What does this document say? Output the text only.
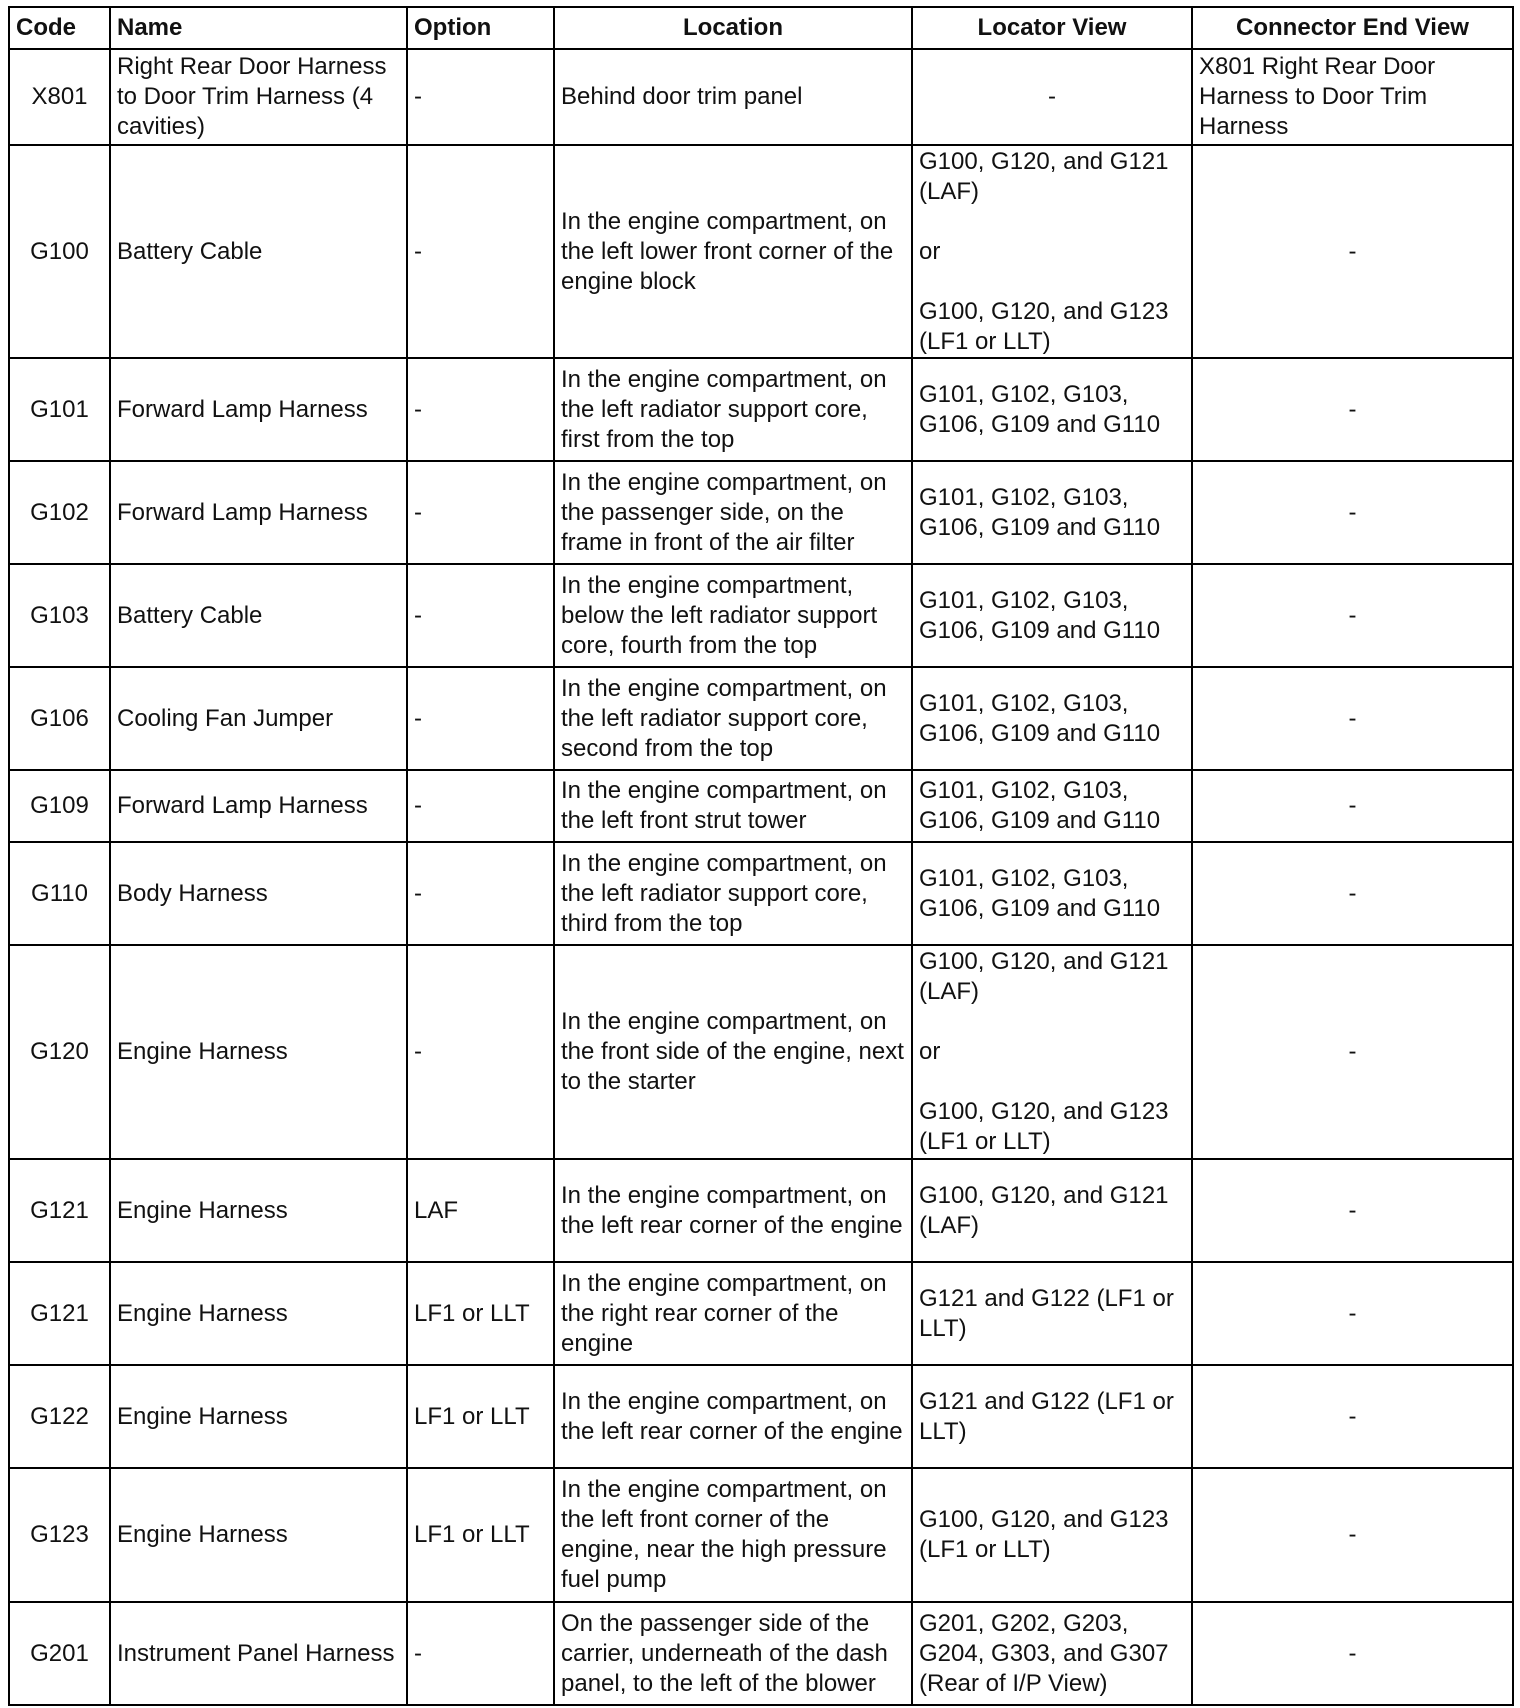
Code	Name	Option	Location	Locator View	Connector End View
X801	Right Rear Door Harness to Door Trim Harness (4 cavities)	-	Behind door trim panel	-	X801 Right Rear Door Harness to Door Trim Harness
G100	Battery Cable	-	In the engine compartment, on the left lower front corner of the engine block	G100, G120, and G121 (LAF)

or

G100, G120, and G123 (LF1 or LLT)	-
G101	Forward Lamp Harness	-	In the engine compartment, on the left radiator support core, first from the top	G101, G102, G103, G106, G109 and G110	-
G102	Forward Lamp Harness	-	In the engine compartment, on the passenger side, on the frame in front of the air filter	G101, G102, G103, G106, G109 and G110	-
G103	Battery Cable	-	In the engine compartment, below the left radiator support core, fourth from the top	G101, G102, G103, G106, G109 and G110	-
G106	Cooling Fan Jumper	-	In the engine compartment, on the left radiator support core, second from the top	G101, G102, G103, G106, G109 and G110	-
G109	Forward Lamp Harness	-	In the engine compartment, on the left front strut tower	G101, G102, G103, G106, G109 and G110	-
G110	Body Harness	-	In the engine compartment, on the left radiator support core, third from the top	G101, G102, G103, G106, G109 and G110	-
G120	Engine Harness	-	In the engine compartment, on the front side of the engine, next to the starter	G100, G120, and G121 (LAF)

or

G100, G120, and G123 (LF1 or LLT)	-
G121	Engine Harness	LAF	In the engine compartment, on the left rear corner of the engine	G100, G120, and G121 (LAF)	-
G121	Engine Harness	LF1 or LLT	In the engine compartment, on the right rear corner of the engine	G121 and G122 (LF1 or LLT)	-
G122	Engine Harness	LF1 or LLT	In the engine compartment, on the left rear corner of the engine	G121 and G122 (LF1 or LLT)	-
G123	Engine Harness	LF1 or LLT	In the engine compartment, on the left front corner of the engine, near the high pressure fuel pump	G100, G120, and G123 (LF1 or LLT)	-
G201	Instrument Panel Harness	-	On the passenger side of the carrier, underneath of the dash panel, to the left of the blower	G201, G202, G203, G204, G303, and G307 (Rear of I/P View)	-
